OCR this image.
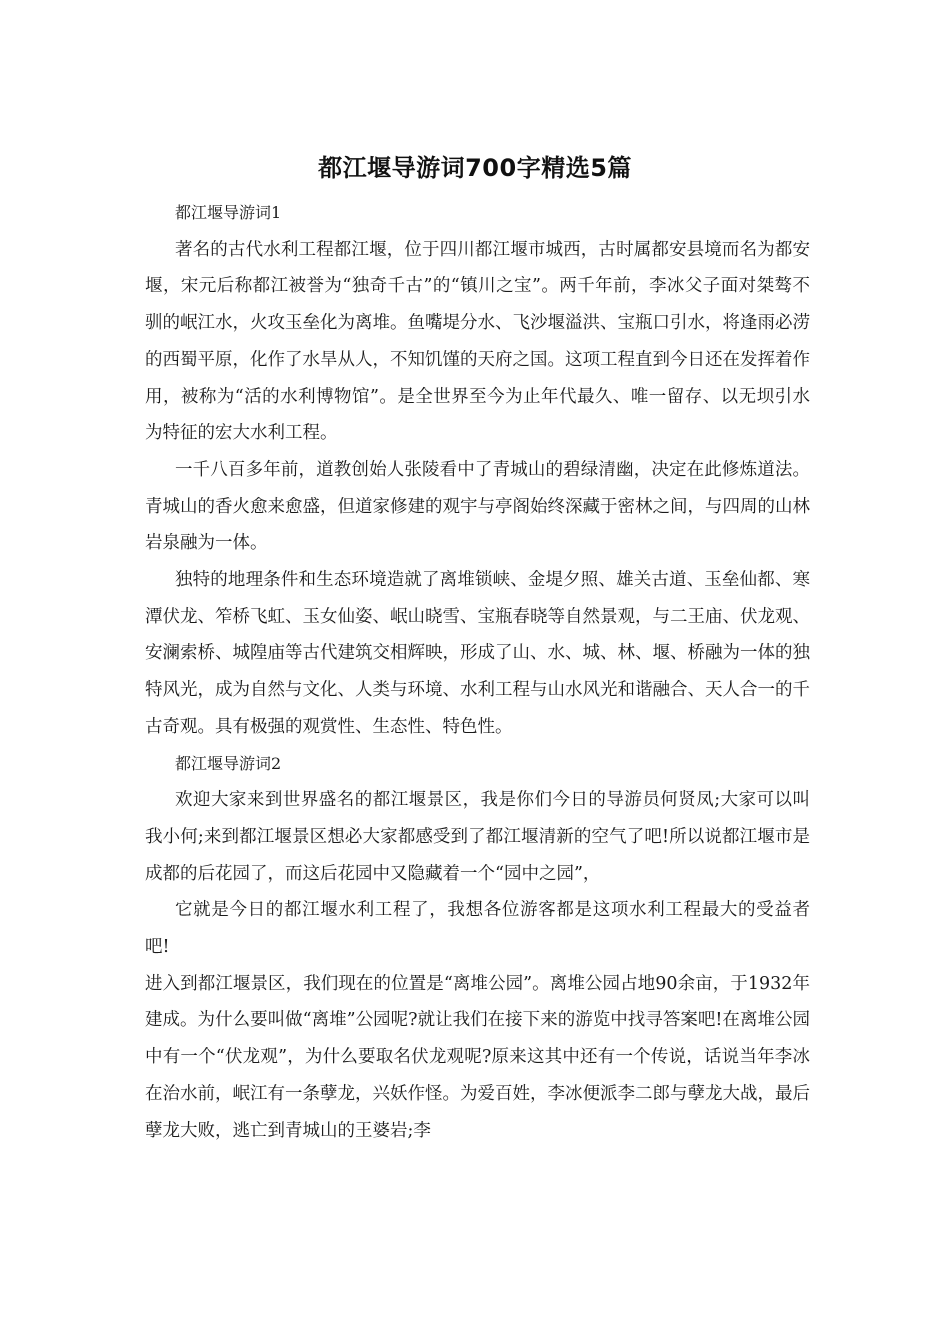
都江堰导游词700字精选5篇

都江堰导游词1

著名的古代水利工程都江堰，位于四川都江堰市城西，古时属都安县境而名为都安堰，宋元后称都江被誉为“独奇千古”的“镇川之宝”。两千年前，李冰父子面对桀骜不驯的岷江水，火攻玉垒化为离堆。鱼嘴堤分水、飞沙堰溢洪、宝瓶口引水，将逢雨必涝的西蜀平原，化作了水旱从人，不知饥馑的天府之国。这项工程直到今日还在发挥着作用，被称为“活的水利博物馆”。是全世界至今为止年代最久、唯一留存、以无坝引水为特征的宏大水利工程。

一千八百多年前，道教创始人张陵看中了青城山的碧绿清幽，决定在此修炼道法。青城山的香火愈来愈盛，但道家修建的观宇与亭阁始终深藏于密林之间，与四周的山林岩泉融为一体。

独特的地理条件和生态环境造就了离堆锁峡、金堤夕照、雄关古道、玉垒仙都、寒潭伏龙、笮桥飞虹、玉女仙姿、岷山晓雪、宝瓶春晓等自然景观，与二王庙、伏龙观、安澜索桥、城隍庙等古代建筑交相辉映，形成了山、水、城、林、堰、桥融为一体的独特风光，成为自然与文化、人类与环境、水利工程与山水风光和谐融合、天人合一的千古奇观。具有极强的观赏性、生态性、特色性。

都江堰导游词2

欢迎大家来到世界盛名的都江堰景区，我是你们今日的导游员何贤凤;大家可以叫我小何;来到都江堰景区想必大家都感受到了都江堰清新的空气了吧!所以说都江堰市是成都的后花园了，而这后花园中又隐藏着一个“园中之园”，

它就是今日的都江堰水利工程了，我想各位游客都是这项水利工程最大的受益者吧!

进入到都江堰景区，我们现在的位置是“离堆公园”。离堆公园占地90余亩，于1932年建成。为什么要叫做“离堆”公园呢?就让我们在接下来的游览中找寻答案吧!在离堆公园中有一个“伏龙观”，为什么要取名伏龙观呢?原来这其中还有一个传说，话说当年李冰在治水前，岷江有一条孽龙，兴妖作怪。为爱百姓，李冰便派李二郎与孽龙大战，最后孽龙大败，逃亡到青城山的王婆岩;李
